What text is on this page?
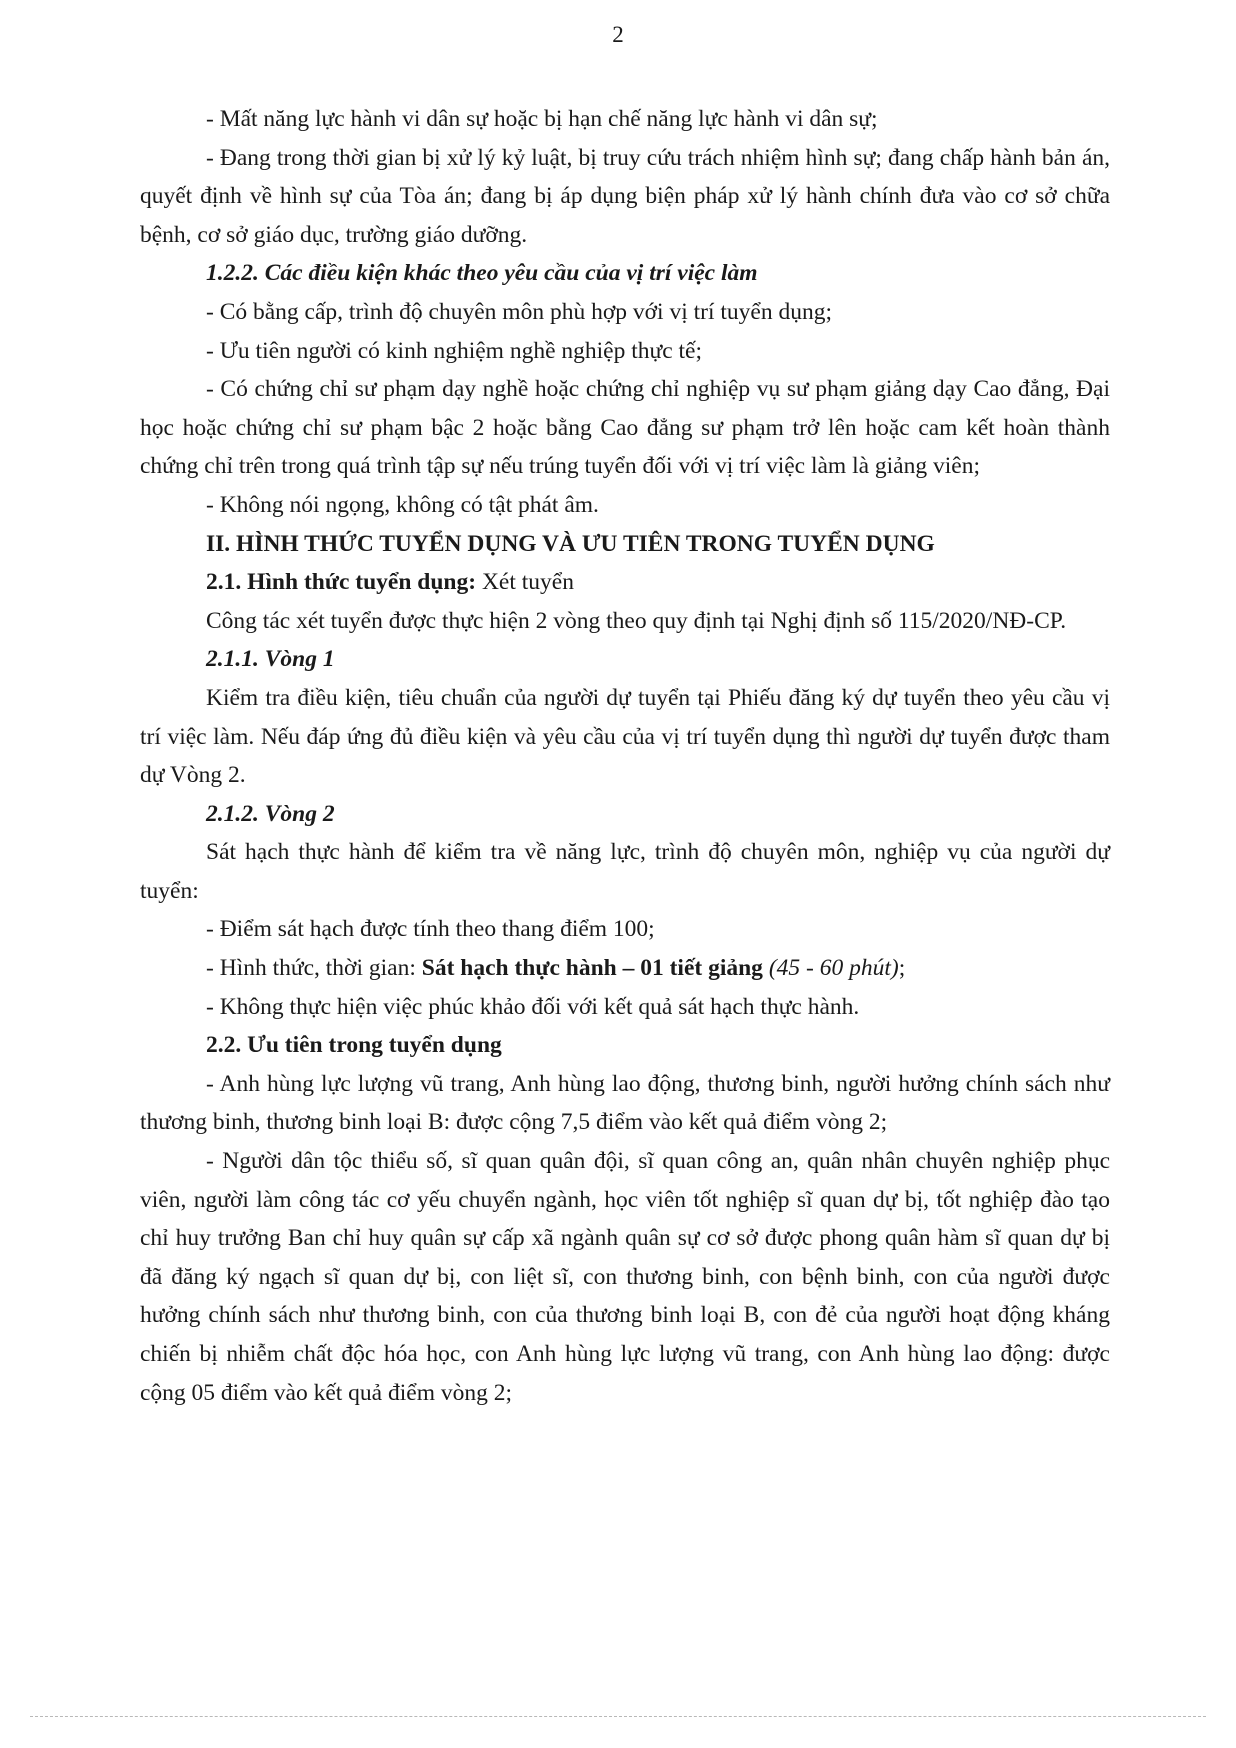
2

- Mất năng lực hành vi dân sự hoặc bị hạn chế năng lực hành vi dân sự;

- Đang trong thời gian bị xử lý kỷ luật, bị truy cứu trách nhiệm hình sự; đang chấp hành bản án, quyết định về hình sự của Tòa án; đang bị áp dụng biện pháp xử lý hành chính đưa vào cơ sở chữa bệnh, cơ sở giáo dục, trường giáo dưỡng.

1.2.2. Các điều kiện khác theo yêu cầu của vị trí việc làm

- Có bằng cấp, trình độ chuyên môn phù hợp với vị trí tuyển dụng;

- Ưu tiên người có kinh nghiệm nghề nghiệp thực tế;

- Có chứng chỉ sư phạm dạy nghề hoặc chứng chỉ nghiệp vụ sư phạm giảng dạy Cao đẳng, Đại học hoặc chứng chỉ sư phạm bậc 2 hoặc bằng Cao đẳng sư phạm trở lên hoặc cam kết hoàn thành chứng chỉ trên trong quá trình tập sự nếu trúng tuyển đối với vị trí việc làm là giảng viên;

- Không nói ngọng, không có tật phát âm.

II. HÌNH THỨC TUYỂN DỤNG VÀ ƯU TIÊN TRONG TUYỂN DỤNG

2.1. Hình thức tuyển dụng: Xét tuyển

Công tác xét tuyển được thực hiện 2 vòng theo quy định tại Nghị định số 115/2020/NĐ-CP.

2.1.1. Vòng 1

Kiểm tra điều kiện, tiêu chuẩn của người dự tuyển tại Phiếu đăng ký dự tuyển theo yêu cầu vị trí việc làm. Nếu đáp ứng đủ điều kiện và yêu cầu của vị trí tuyển dụng thì người dự tuyển được tham dự Vòng 2.

2.1.2. Vòng 2

Sát hạch thực hành để kiểm tra về năng lực, trình độ chuyên môn, nghiệp vụ của người dự tuyển:

- Điểm sát hạch được tính theo thang điểm 100;

- Hình thức, thời gian: Sát hạch thực hành – 01 tiết giảng (45 - 60 phút);

- Không thực hiện việc phúc khảo đối với kết quả sát hạch thực hành.

2.2. Ưu tiên trong tuyển dụng

- Anh hùng lực lượng vũ trang, Anh hùng lao động, thương binh, người hưởng chính sách như thương binh, thương binh loại B: được cộng 7,5 điểm vào kết quả điểm vòng 2;

- Người dân tộc thiểu số, sĩ quan quân đội, sĩ quan công an, quân nhân chuyên nghiệp phục viên, người làm công tác cơ yếu chuyển ngành, học viên tốt nghiệp sĩ quan dự bị, tốt nghiệp đào tạo chỉ huy trưởng Ban chỉ huy quân sự cấp xã ngành quân sự cơ sở được phong quân hàm sĩ quan dự bị đã đăng ký ngạch sĩ quan dự bị, con liệt sĩ, con thương binh, con bệnh binh, con của người được hưởng chính sách như thương binh, con của thương binh loại B, con đẻ của người hoạt động kháng chiến bị nhiễm chất độc hóa học, con Anh hùng lực lượng vũ trang, con Anh hùng lao động: được cộng 05 điểm vào kết quả điểm vòng 2;
